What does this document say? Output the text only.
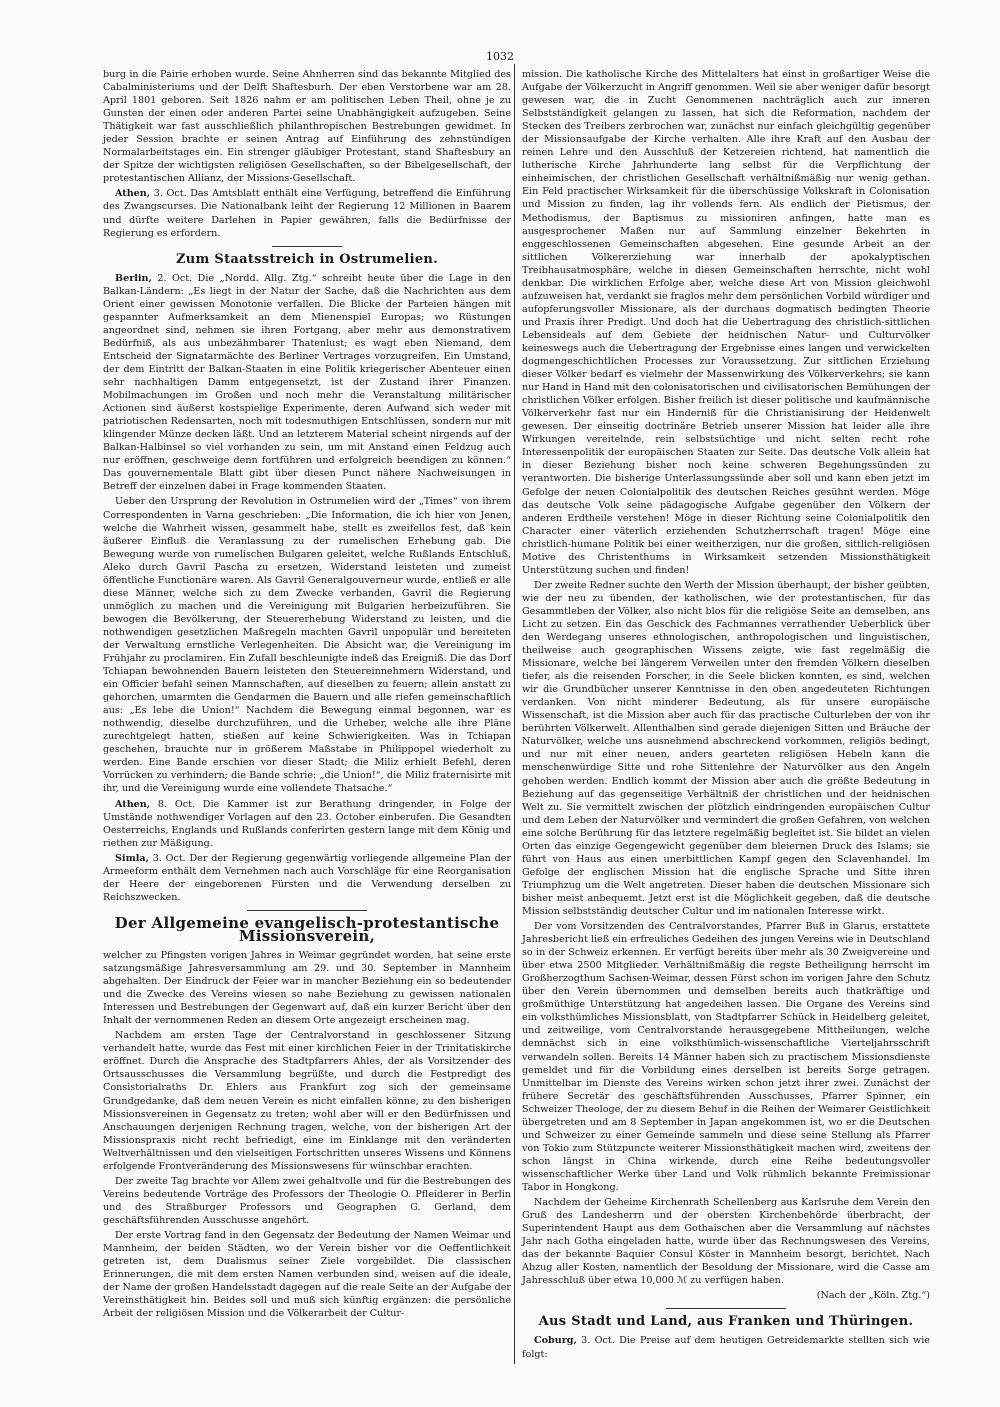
1032

burg in die Pairie erhoben wurde. Seine Ahnherren sind das bekannte Mitglied des Cabalministeriums und der Delft Shaftesburh. Der eben Verstorbene war am 28. April 1801 geboren. Seit 1826 nahm er am politischen Leben Theil, ohne je zu Gunsten der einen oder anderen Partei seine Unabhängigkeit aufzugeben. Seine Thätigkeit war fast ausschließlich philanthropischen Bestrebungen gewidmet. In jeder Session brachte er seinen Antrag auf Einführung des zehnstündigen Normalarbeitstages ein. Ein strenger gläubiger Protestant, stand Shaftesbury an der Spitze der wichtigsten religiösen Gesellschaften, so der Bibelgesellschaft, der protestantischen Allianz, der Missions-Gesellschaft.

Athen, 3. Oct. Das Amtsblatt enthält eine Verfügung, betreffend die Einführung des Zwangscurses. Die Nationalbank leiht der Regierung 12 Millionen in Baarem und dürfte weitere Darlehen in Papier gewähren, falls die Bedürfnisse der Regierung es erfordern.

Zum Staatsstreich in Ostrumelien.

Berlin, 2. Oct. Die „Nordd. Allg. Ztg.“ schreibt heute über die Lage in den Balkan-Ländern: „Es liegt in der Natur der Sache, daß die Nachrichten aus dem Orient einer gewissen Monotonie verfallen. Die Blicke der Parteien hängen mit gespannter Aufmerksamkeit an dem Mienenspiel Europas; wo Rüstungen angeordnet sind, nehmen sie ihren Fortgang, aber mehr aus demonstrativem Bedürfniß, als aus unbezähmbarer Thatenlust; es wagt eben Niemand, dem Entscheid der Signatarmächte des Berliner Vertrages vorzugreifen. Ein Umstand, der dem Eintritt der Balkan-Staaten in eine Politik kriegerischer Abenteuer einen sehr nachhaltigen Damm entgegensetzt, ist der Zustand ihrer Finanzen. Mobilmachungen im Großen und noch mehr die Veranstaltung militärischer Actionen sind äußerst kostspielige Experimente, deren Aufwand sich weder mit patriotischen Redensarten, noch mit todesmuthigen Entschlüssen, sondern nur mit klingender Münze decken läßt. Und an letzterem Material scheint nirgends auf der Balkan-Halbinsel so viel vorhanden zu sein, um mit Anstand einen Feldzug auch nur eröffnen, geschweige denn fortführen und erfolgreich beendigen zu können.“ Das gouvernementale Blatt gibt über diesen Punct nähere Nachweisungen in Betreff der einzelnen dabei in Frage kommenden Staaten.

Ueber den Ursprung der Revolution in Ostrumelien wird der „Times“ von ihrem Correspondenten in Varna geschrieben: „Die Information, die ich hier von Jenen, welche die Wahrheit wissen, gesammelt habe, stellt es zweifellos fest, daß kein äußerer Einfluß die Veranlassung zu der rumelischen Erhebung gab. Die Bewegung wurde von rumelischen Bulgaren geleitet, welche Rußlands Entschluß, Aleko durch Gavril Pascha zu ersetzen, Widerstand leisteten und zumeist öffentliche Functionäre waren. Als Gavril Generalgouverneur wurde, entließ er alle diese Männer, welche sich zu dem Zwecke verbanden, Gavril die Regierung unmöglich zu machen und die Vereinigung mit Bulgarien herbeizuführen. Sie bewogen die Bevölkerung, der Steuererhebung Widerstand zu leisten, und die nothwendigen gesetzlichen Maßregeln machten Gavril unpopulär und bereiteten der Verwaltung ernstliche Verlegenheiten. Die Absicht war, die Vereinigung im Frühjahr zu proclamiren. Ein Zufall beschleunigte indeß das Ereigniß. Die das Dorf Tchiapan bewohnenden Bauern leisteten den Steuereinnehmern Widerstand, und ein Officier befahl seinen Mannschaften, auf dieselben zu feuern; allein anstatt zu gehorchen, umarmten die Gendarmen die Bauern und alle riefen gemeinschaftlich aus: „Es lebe die Union!“ Nachdem die Bewegung einmal begonnen, war es nothwendig, dieselbe durchzuführen, und die Urheber, welche alle ihre Pläne zurechtgelegt hatten, stießen auf keine Schwierigkeiten. Was in Tchiapan geschehen, brauchte nur in größerem Maßstabe in Philippopel wiederholt zu werden. Eine Bande erschien vor dieser Stadt; die Miliz erhielt Befehl, deren Vorrücken zu verhindern; die Bande schrie: „die Union!“, die Miliz fraternisirte mit ihr, und die Vereinigung wurde eine vollendete Thatsache.“

Athen, 8. Oct. Die Kammer ist zur Berathung dringender, in Folge der Umstände nothwendiger Vorlagen auf den 23. October einberufen. Die Gesandten Oesterreichs, Englands und Rußlands conferirten gestern lange mit dem König und riethen zur Mäßigung.

Simla, 3. Oct. Der der Regierung gegenwärtig vorliegende allgemeine Plan der Armeeform enthält dem Vernehmen nach auch Vorschläge für eine Reorganisation der Heere der eingeborenen Fürsten und die Verwendung derselben zu Reichszwecken.

Der Allgemeine evangelisch-protestantische Missionsverein,

welcher zu Pfingsten vorigen Jahres in Weimar gegründet worden, hat seine erste satzungsmäßige Jahresversammlung am 29. und 30. September in Mannheim abgehalten. Der Eindruck der Feier war in mancher Beziehung ein so bedeutender und die Zwecke des Vereins wiesen so nahe Beziehung zu gewissen nationalen Interessen und Bestrebungen der Gegenwart auf, daß ein kurzer Bericht über den Inhalt der vernommenen Reden an diesem Orte angezeigt erscheinen mag.

Nachdem am ersten Tage der Centralvorstand in geschlossener Sitzung verhandelt hatte, wurde das Fest mit einer kirchlichen Feier in der Trinitatiskirche eröffnet. Durch die Ansprache des Stadtpfarrers Ahles, der als Vorsitzender des Ortsausschusses die Versammlung begrüßte, und durch die Festpredigt des Consistorialraths Dr. Ehlers aus Frankfurt zog sich der gemeinsame Grundgedanke, daß dem neuen Verein es nicht einfallen könne, zu den bisherigen Missionsvereinen in Gegensatz zu treten; wohl aber will er den Bedürfnissen und Anschauungen derjenigen Rechnung tragen, welche, von der bisherigen Art der Missionspraxis nicht recht befriedigt, eine im Einklange mit den veränderten Weltverhältnissen und den vielseitigen Fortschritten unseres Wissens und Könnens erfolgende Frontveränderung des Missionswesens für wünschbar erachten.

Der zweite Tag brachte vor Allem zwei gehaltvolle und für die Bestrebungen des Vereins bedeutende Vorträge des Professors der Theologie O. Pfleiderer in Berlin und des Straßburger Professors und Geographen G. Gerland, dem geschäftsführenden Ausschusse angehört.

Der erste Vortrag fand in den Gegensatz der Bedeutung der Namen Weimar und Mannheim, der beiden Städten, wo der Verein bisher vor die Oeffentlichkeit getreten ist, dem Dualismus seiner Ziele vorgebildet. Die classischen Erinnerungen, die mit dem ersten Namen verbunden sind, weisen auf die ideale, der Name der großen Handelsstadt dagegen auf die reale Seite an der Aufgabe der Vereinsthätigkeit hin. Beides soll und muß sich künftig ergänzen: die persönliche Arbeit der religiösen Mission und die Völkerarbeit der Cultur-

mission. Die katholische Kirche des Mittelalters hat einst in großartiger Weise die Aufgabe der Völkerzucht in Angriff genommen. Weil sie aber weniger dafür besorgt gewesen war, die in Zucht Genommenen nachträglich auch zur inneren Selbstständigkeit gelangen zu lassen, hat sich die Reformation, nachdem der Stecken des Treibers zerbrochen war, zunächst nur einfach gleichgültig gegenüber der Missionsaufgabe der Kirche verhalten. Alle ihre Kraft auf den Ausbau der reinen Lehre und den Ausschluß der Ketzereien richtend, hat namentlich die lutherische Kirche Jahrhunderte lang selbst für die Verpflichtung der einheimischen, der christlichen Gesellschaft verhältnißmäßig nur wenig gethan. Ein Feld practischer Wirksamkeit für die überschüssige Volkskraft in Colonisation und Mission zu finden, lag ihr vollends fern. Als endlich der Pietismus, der Methodismus, der Baptismus zu missioniren anfingen, hatte man es ausgesprochener Maßen nur auf Sammlung einzelner Bekehrten in enggeschlossenen Gemeinschaften abgesehen. Eine gesunde Arbeit an der sittlichen Völkererziehung war innerhalb der apokalyptischen Treibhausatmosphäre, welche in diesen Gemeinschaften herrschte, nicht wohl denkbar. Die wirklichen Erfolge aber, welche diese Art von Mission gleichwohl aufzuweisen hat, verdankt sie fraglos mehr dem persönlichen Vorbild würdiger und aufopferungsvoller Missionare, als der durchaus dogmatisch bedingten Theorie und Praxis ihrer Predigt. Und doch hat die Uebertragung des christlich-sittlichen Lebensideals auf dem Gebiete der heidnischen Natur- und Culturvölker keineswegs auch die Uebertragung der Ergebnisse eines langen und verwickelten dogmengeschichtlichen Processes zur Voraussetzung. Zur sittlichen Erziehung dieser Völker bedarf es vielmehr der Massenwirkung des Völkerverkehrs; sie kann nur Hand in Hand mit den colonisatorischen und civilisatorischen Bemühungen der christlichen Völker erfolgen. Bisher freilich ist dieser politische und kaufmännische Völkerverkehr fast nur ein Hinderniß für die Christianisirung der Heidenwelt gewesen. Der einseitig doctrinäre Betrieb unserer Mission hat leider alle ihre Wirkungen vereitelnde, rein selbstsüchtige und nicht selten recht rohe Interessenpolitik der europäischen Staaten zur Seite. Das deutsche Volk allein hat in dieser Beziehung bisher noch keine schweren Begehungssünden zu verantworten. Die bisherige Unterlassungssünde aber soll und kann eben jetzt im Gefolge der neuen Colonialpolitik des deutschen Reiches gesühnt werden. Möge das deutsche Volk seine pädagogische Aufgabe gegenüber den Völkern der anderen Erdtheile verstehen! Möge in dieser Richtung seine Colonialpolitik den Character einer väterlich erziehenden Schutzherrschaft tragen! Möge eine christlich-humane Politik bei einer weitherzigen, nur die großen, sittlich-religiösen Motive des Christenthums in Wirksamkeit setzenden Missionsthätigkeit Unterstützung suchen und finden!

Der zweite Redner suchte den Werth der Mission überhaupt, der bisher geübten, wie der neu zu übenden, der katholischen, wie der protestantischen, für das Gesammtleben der Völker, also nicht blos für die religiöse Seite an demselben, ans Licht zu setzen. Ein das Geschick des Fachmannes verrathender Ueberblick über den Werdegang unseres ethnologischen, anthropologischen und linguistischen, theilweise auch geographischen Wissens zeigte, wie fast regelmäßig die Missionare, welche bei längerem Verweilen unter den fremden Völkern dieselben tiefer, als die reisenden Forscher, in die Seele blicken konnten, es sind, welchen wir die Grundbücher unserer Kenntnisse in den oben angedeuteten Richtungen verdanken. Von nicht minderer Bedeutung, als für unsere europäische Wissenschaft, ist die Mission aber auch für das practische Culturleben der von ihr berührten Völkerwelt. Allenthalben sind gerade diejenigen Sitten und Bräuche der Naturvölker, welche uns ausnehmend abschreckend vorkommen, religiös bedingt, und nur mit einer neuen, anders gearteten religiösen Hebeln kann die menschenwürdige Sitte und rohe Sittenlehre der Naturvölker aus den Angeln gehoben werden. Endlich kommt der Mission aber auch die größte Bedeutung in Beziehung auf das gegenseitige Verhältniß der christlichen und der heidnischen Welt zu. Sie vermittelt zwischen der plötzlich eindringenden europäischen Cultur und dem Leben der Naturvölker und vermindert die großen Gefahren, von welchen eine solche Berührung für das letztere regelmäßig begleitet ist. Sie bildet an vielen Orten das einzige Gegengewicht gegenüber dem bleiernen Druck des Islams; sie führt von Haus aus einen unerbittlichen Kampf gegen den Sclavenhandel. Im Gefolge der englischen Mission hat die englische Sprache und Sitte ihren Triumphzug um die Welt angetreten. Dieser haben die deutschen Missionare sich bisher meist anbequemt. Jetzt erst ist die Möglichkeit gegeben, daß die deutsche Mission selbstständig deutscher Cultur und im nationalen Interesse wirkt.

Der vom Vorsitzenden des Centralvorstandes, Pfarrer Buß in Glarus, erstattete Jahresbericht ließ ein erfreuliches Gedeihen des jungen Vereins wie in Deutschland so in der Schweiz erkennen. Er verfügt bereits über mehr als 30 Zweigvereine und über etwa 2500 Mitglieder. Verhältnißmäßig die regste Betheiligung herrscht im Großherzogthum Sachsen-Weimar, dessen Fürst schon im vorigen Jahre den Schutz über den Verein übernommen und demselben bereits auch thatkräftige und großmüthige Unterstützung hat angedeihen lassen. Die Organe des Vereins sind ein volksthümliches Missionsblatt, von Stadtpfarrer Schück in Heidelberg geleitet, und zeitweilige, vom Centralvorstande herausgegebene Mittheilungen, welche demnächst sich in eine volksthümlich-wissenschaftliche Vierteljahrsschrift verwandeln sollen. Bereits 14 Männer haben sich zu practischem Missionsdienste gemeldet und für die Vorbildung eines derselben ist bereits Sorge getragen. Unmittelbar im Dienste des Vereins wirken schon jetzt ihrer zwei. Zunächst der frühere Secretär des geschäftsführenden Ausschusses, Pfarrer Spinner, ein Schweizer Theologe, der zu diesem Behuf in die Reihen der Weimarer Geistlichkeit übergetreten und am 8 September in Japan angekommen ist, wo er die Deutschen und Schweizer zu einer Gemeinde sammeln und diese seine Stellung als Pfarrer von Tokio zum Stützpuncte weiterer Missionsthätigkeit machen wird, zweitens der schon längst in China wirkende, durch eine Reihe bedeutungsvoller wissenschaftlicher Werke über Land und Volk rühmlich bekannte Freimissionar Tabor in Hongkong.

Nachdem der Geheime Kirchenrath Schellenberg aus Karlsruhe dem Verein den Gruß des Landesherrn und der obersten Kirchenbehörde überbracht, der Superintendent Haupt aus dem Gothaischen aber die Versammlung auf nächstes Jahr nach Gotha eingeladen hatte, wurde über das Rechnungswesen des Vereins, das der bekannte Baquier Consul Köster in Mannheim besorgt, berichtet. Nach Abzug aller Kosten, namentlich der Besoldung der Missionare, wird die Casse am Jahresschluß über etwa 10,000 ℳ zu verfügen haben.

(Nach der „Köln. Ztg.“)

Aus Stadt und Land, aus Franken und Thüringen.

Coburg, 3. Oct. Die Preise auf dem heutigen Getreidemarkte stellten sich wie folgt:
